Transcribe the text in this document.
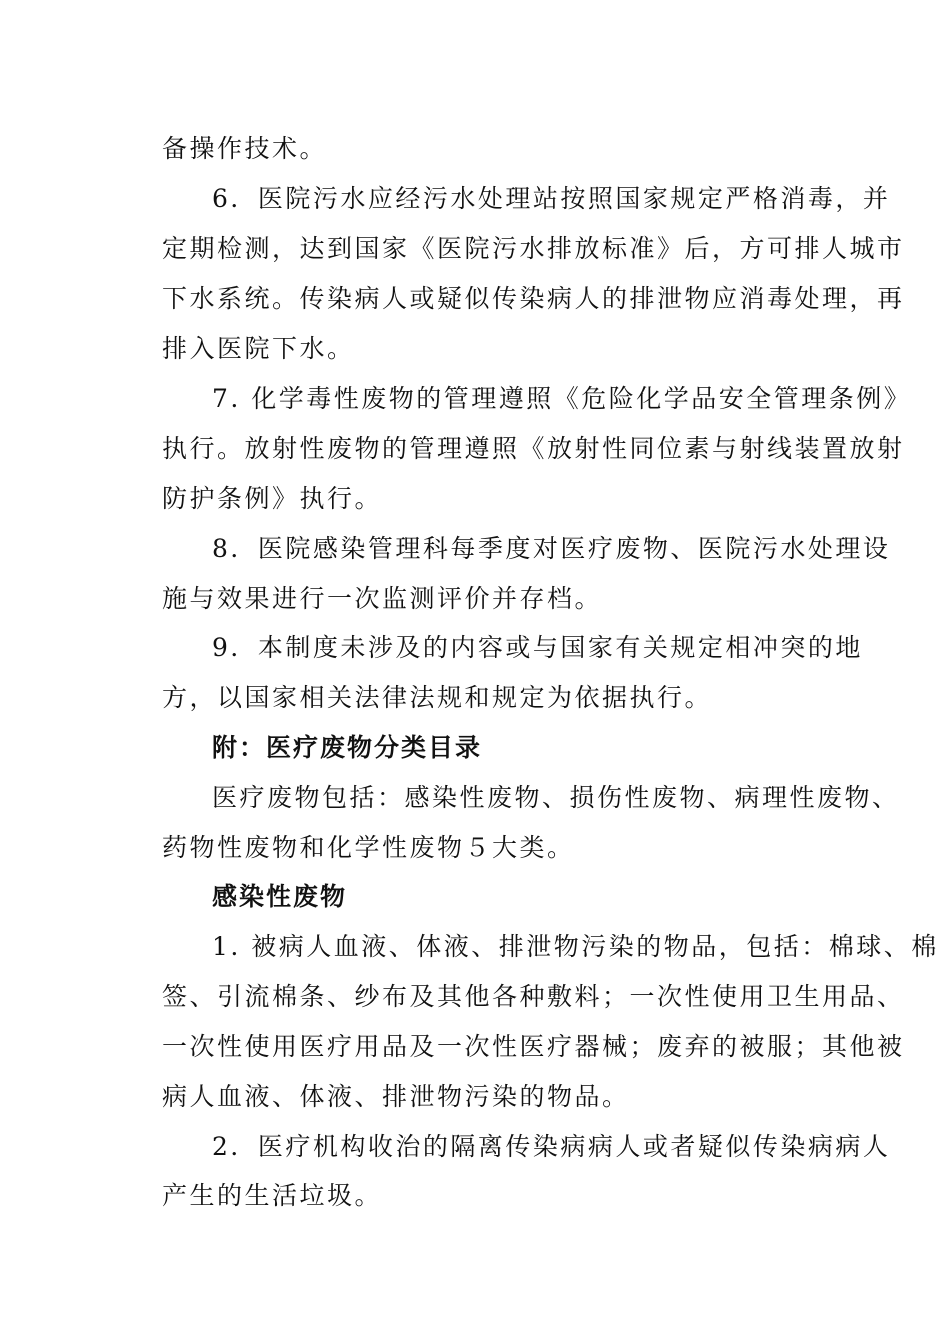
备操作技术。
6．医院污水应经污水处理站按照国家规定严格消毒，并
定期检测，达到国家《医院污水排放标准》后，方可排人城市
下水系统。传染病人或疑似传染病人的排泄物应消毒处理，再
排入医院下水。
7. 化学毒性废物的管理遵照《危险化学品安全管理条例》
执行。放射性废物的管理遵照《放射性同位素与射线装置放射
防护条例》执行。
8．医院感染管理科每季度对医疗废物、医院污水处理设
施与效果进行一次监测评价并存档。
9．本制度未涉及的内容或与国家有关规定相冲突的地
方，以国家相关法律法规和规定为依据执行。
附：医疗废物分类目录
医疗废物包括：感染性废物、损伤性废物、病理性废物、
药物性废物和化学性废物５大类。
感染性废物
1. 被病人血液、体液、排泄物污染的物品，包括：棉球、棉
签、引流棉条、纱布及其他各种敷料；一次性使用卫生用品、
一次性使用医疗用品及一次性医疗器械；废弃的被服；其他被
病人血液、体液、排泄物污染的物品。
2．医疗机构收治的隔离传染病病人或者疑似传染病病人
产生的生活垃圾。
